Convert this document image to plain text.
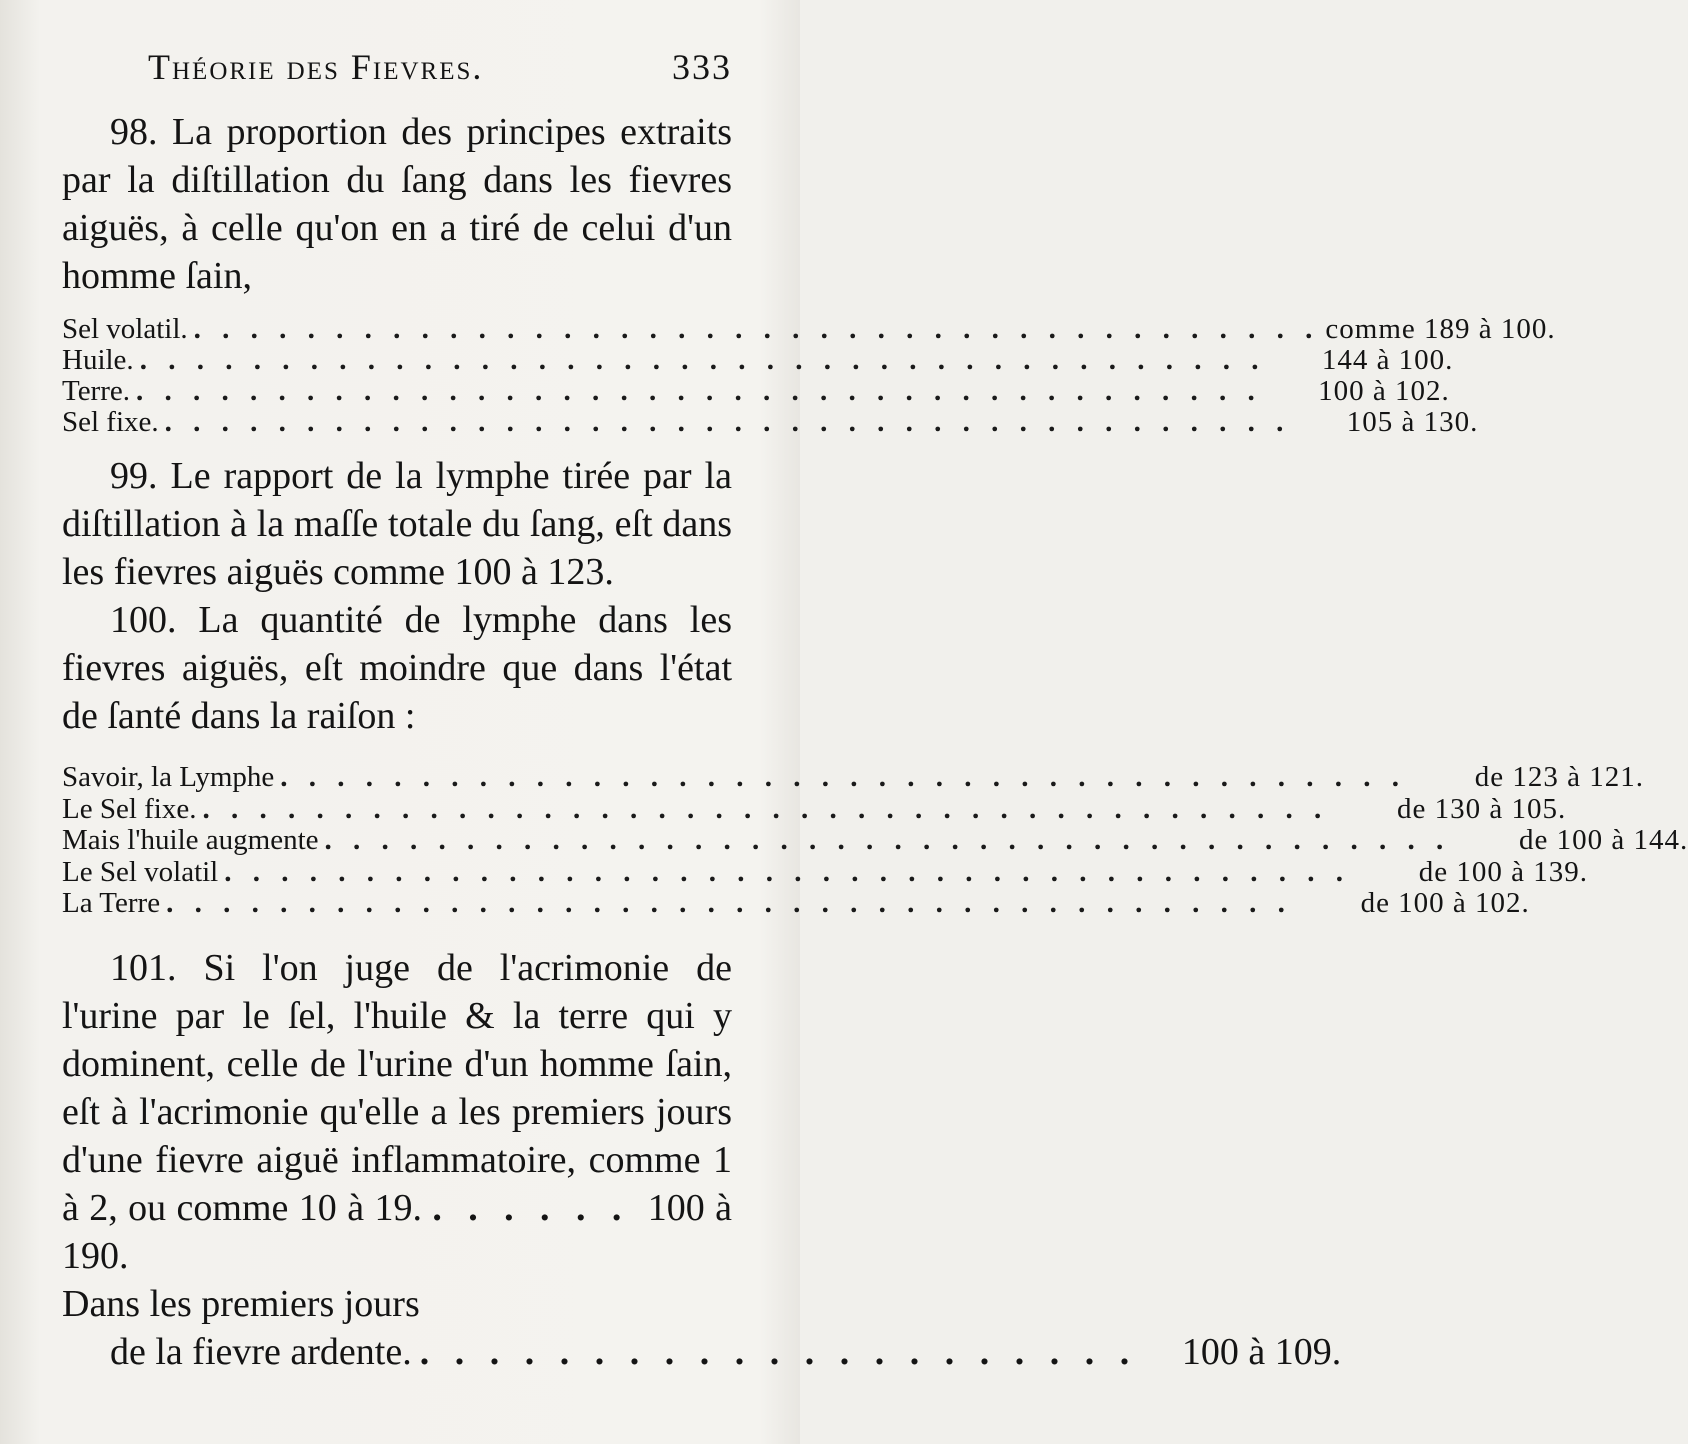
Théorie des Fievres.	333

98. La proportion des principes extraits par la diſtillation du ſang dans les fievres aiguës, à celle qu'on en a tiré de celui d'un homme ſain,

Sel volatil. . . .	comme 189 à 100.
Huile. . . .	144 à 100.
Terre. . . .	100 à 102.
Sel fixe. . . .	105 à 130.

99. Le rapport de la lymphe tirée par la diſtillation à la maſſe totale du ſang, eſt dans les fievres aiguës comme 100 à 123.

100. La quantité de lymphe dans les fievres aiguës, eſt moindre que dans l'état de ſanté dans la raiſon :

Savoir, la Lymphe . . .	de 123 à 121.
Le Sel fixe. . . .	de 130 à 105.
Mais l'huile augmente . . .	de 100 à 144.
Le Sel volatil . . .	de 100 à 139.
La Terre . . .	de 100 à 102.

101. Si l'on juge de l'acrimonie de l'urine par le ſel, l'huile & la terre qui y dominent, celle de l'urine d'un homme ſain, eſt à l'acrimonie qu'elle a les premiers jours d'une fievre aiguë inflammatoire, comme 1 à 2, ou comme 10 à 19. . . . . . . 100 à 190.

Dans les premiers jours

de la fievre ardente. . . .	100 à 109.
